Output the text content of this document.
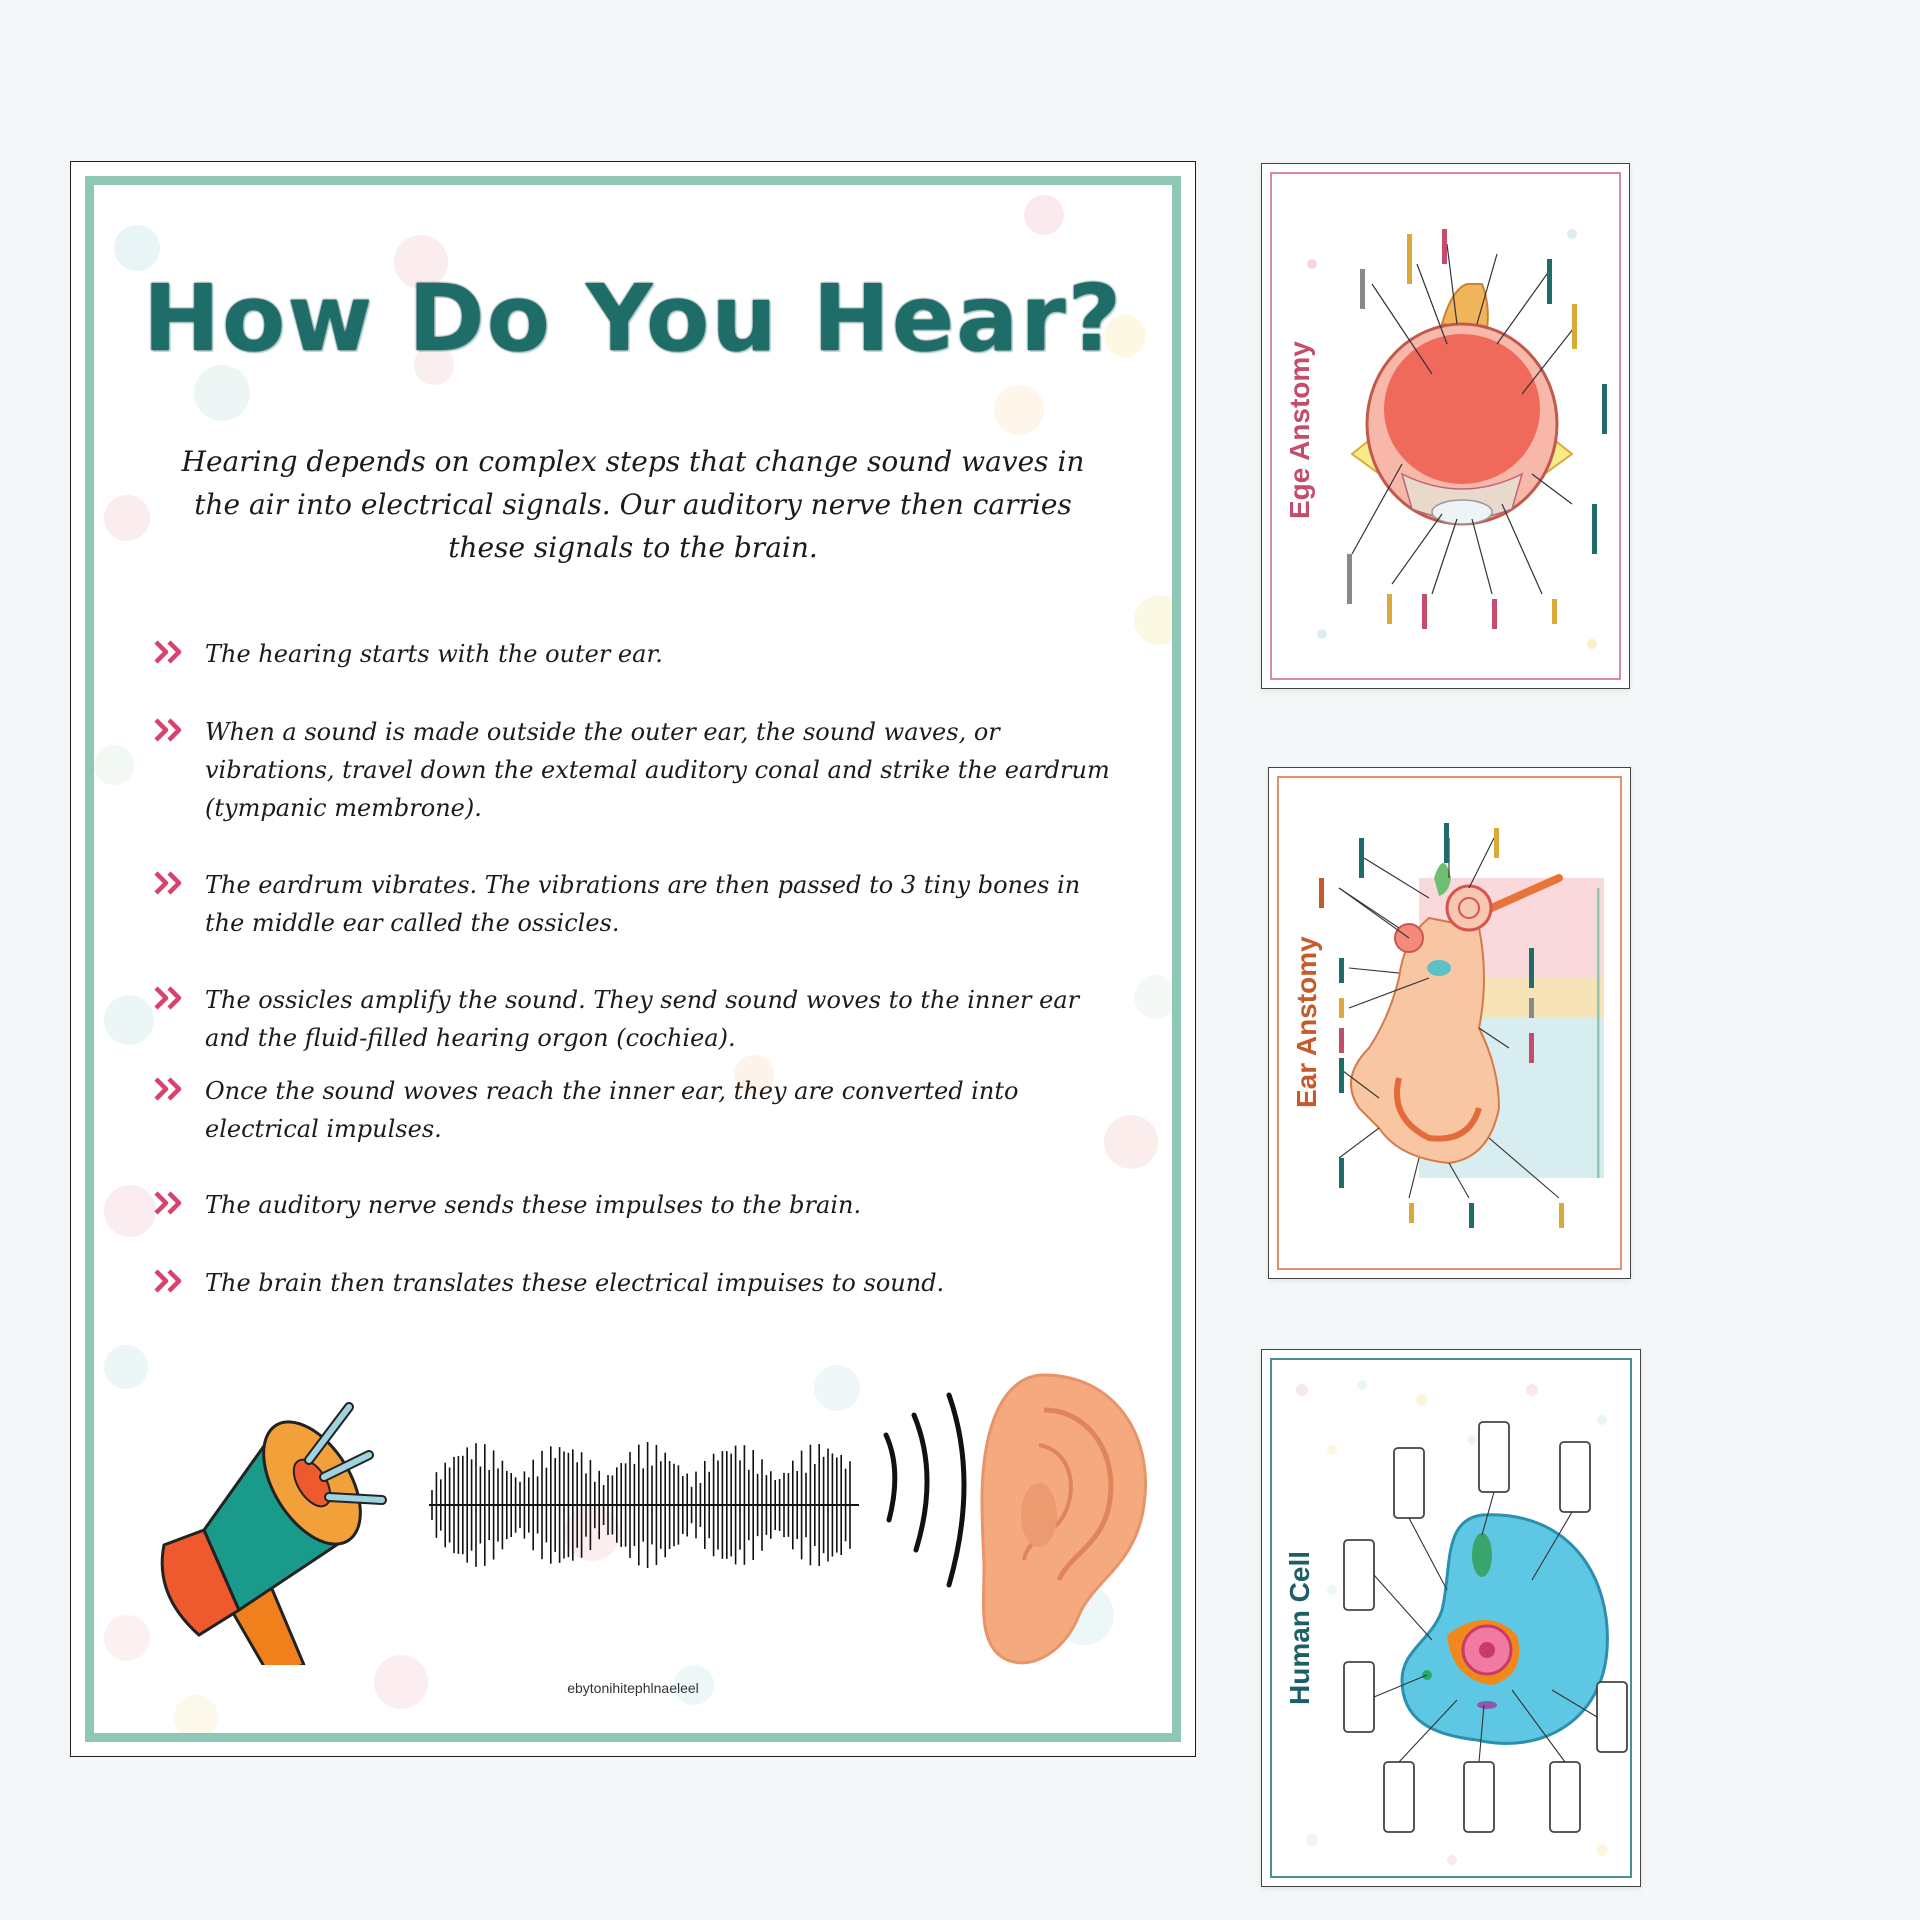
How Do You Hear?
Hearing depends on complex steps that change sound waves in the air into electrical signals. Our auditory nerve then carries these signals to the brain.
The hearing starts with the outer ear.
When a sound is made outside the outer ear, the sound waves, or vibrations, travel down the extemal auditory conal and strike the eardrum (tympanic membrone).
The eardrum vibrates. The vibrations are then passed to 3 tiny bones in the middle ear called the ossicles.
The ossicles amplify the sound. They send sound woves to the inner ear and the fluid-filled hearing orgon (cochiea).
Once the sound woves reach the inner ear, they are converted into electrical impulses.
The auditory nerve sends these impulses to the brain.
The brain then translates these electrical impuises to sound.
ebytonihitephlnaeleel
Ege Anstomy
Ear Anstomy
Human Cell
